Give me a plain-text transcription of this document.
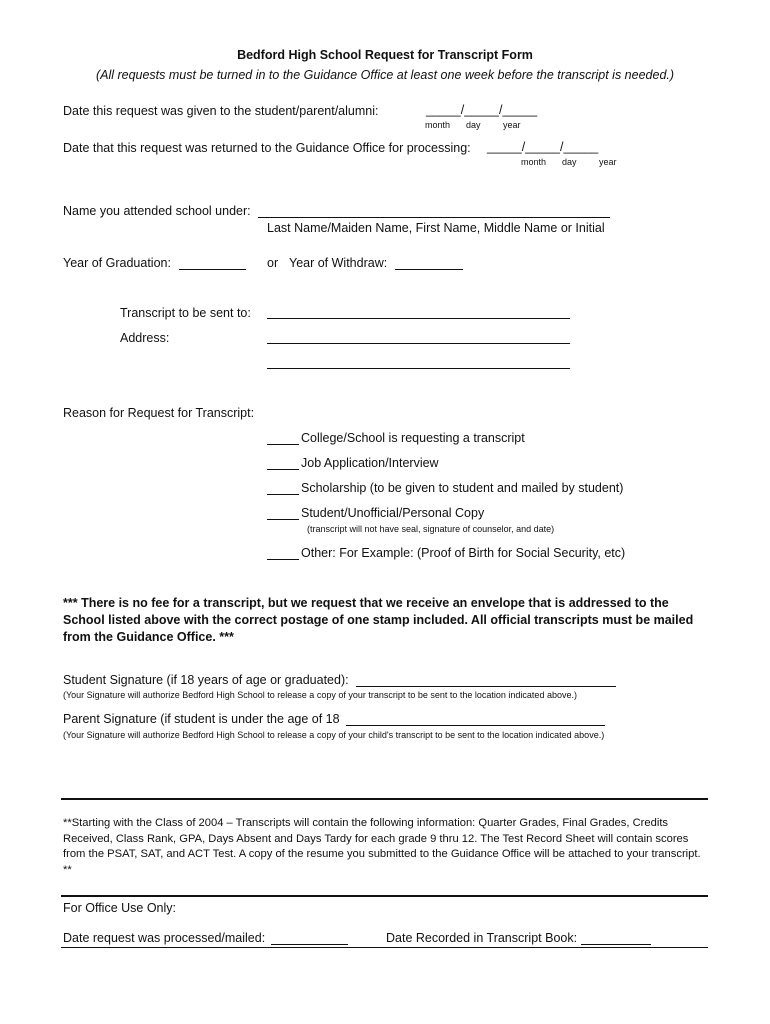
Bedford High School Request for Transcript Form
(All requests must be turned in to the Guidance Office at least one week before the transcript is needed.)
Date this request was given to the student/parent/alumni:	_____/_____/_____
month day year
Date that this request was returned to the Guidance Office for processing: _____/_____/_____
month day year
Name you attended school under:
Last Name/Maiden Name, First Name, Middle Name or Initial
Year of Graduation:	or Year of Withdraw:
Transcript to be sent to:
Address:
Reason for Request for Transcript:
College/School is requesting a transcript
Job Application/Interview
Scholarship (to be given to student and mailed by student)
Student/Unofficial/Personal Copy
(transcript will not have seal, signature of counselor, and date)
Other: For Example: (Proof of Birth for Social Security, etc)
*** There is no fee for a transcript, but we request that we receive an envelope that is addressed to the School listed above with the correct postage of one stamp included. All official transcripts must be mailed from the Guidance Office. ***
Student Signature (if 18 years of age or graduated):
(Your Signature will authorize Bedford High School to release a copy of your transcript to be sent to the location indicated above.)
Parent Signature (if student is under the age of 18
(Your Signature will authorize Bedford High School to release a copy of your child's transcript to be sent to the location indicated above.)
**Starting with the Class of 2004 – Transcripts will contain the following information: Quarter Grades, Final Grades, Credits Received, Class Rank, GPA, Days Absent and Days Tardy for each grade 9 thru 12. The Test Record Sheet will contain scores from the PSAT, SAT, and ACT Test. A copy of the resume you submitted to the Guidance Office will be attached to your transcript. **
For Office Use Only:
Date request was processed/mailed:	Date Recorded in Transcript Book:
